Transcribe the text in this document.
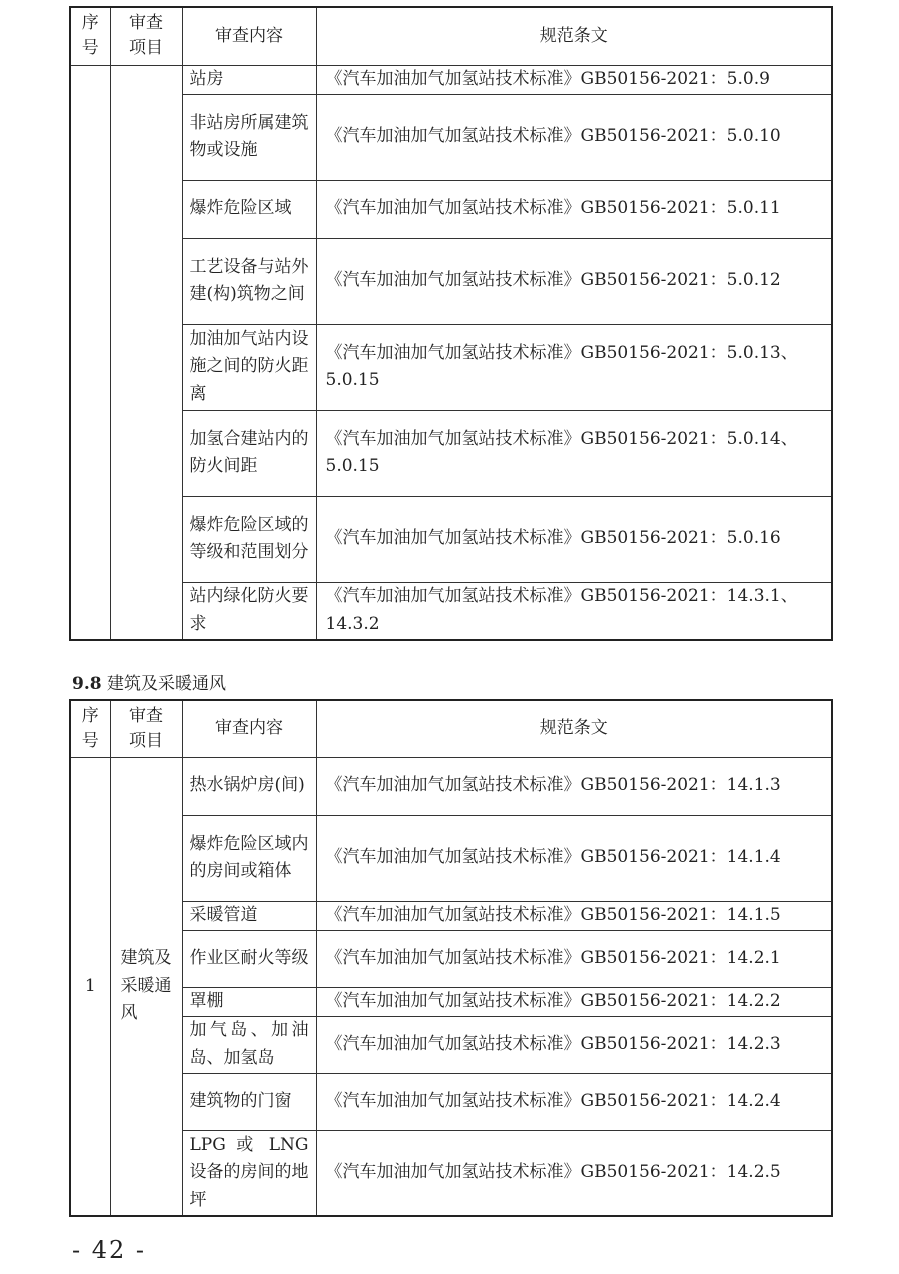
序号	审查项目	审查内容	规范条文
		站房	《汽车加油加气加氢站技术标准》GB50156-2021：5.0.9
		非站房所属建筑物或设施	《汽车加油加气加氢站技术标准》GB50156-2021：5.0.10
		爆炸危险区域	《汽车加油加气加氢站技术标准》GB50156-2021：5.0.11
		工艺设备与站外建(构)筑物之间	《汽车加油加气加氢站技术标准》GB50156-2021：5.0.12
		加油加气站内设施之间的防火距离	《汽车加油加气加氢站技术标准》GB50156-2021：5.0.13、5.0.15
		加氢合建站内的防火间距	《汽车加油加气加氢站技术标准》GB50156-2021：5.0.14、5.0.15
		爆炸危险区域的等级和范围划分	《汽车加油加气加氢站技术标准》GB50156-2021：5.0.16
		站内绿化防火要求	《汽车加油加气加氢站技术标准》GB50156-2021：14.3.1、14.3.2
9.8 建筑及采暖通风
序号	审查项目	审查内容	规范条文
1	建筑及采暖通风	热水锅炉房(间)	《汽车加油加气加氢站技术标准》GB50156-2021：14.1.3
		爆炸危险区域内的房间或箱体	《汽车加油加气加氢站技术标准》GB50156-2021：14.1.4
		采暖管道	《汽车加油加气加氢站技术标准》GB50156-2021：14.1.5
		作业区耐火等级	《汽车加油加气加氢站技术标准》GB50156-2021：14.2.1
		罩棚	《汽车加油加气加氢站技术标准》GB50156-2021：14.2.2
		加气岛、加油岛、加氢岛	《汽车加油加气加氢站技术标准》GB50156-2021：14.2.3
		建筑物的门窗	《汽车加油加气加氢站技术标准》GB50156-2021：14.2.4
		LPG 或 LNG 设备的房间的地坪	《汽车加油加气加氢站技术标准》GB50156-2021：14.2.5
- 42 -
